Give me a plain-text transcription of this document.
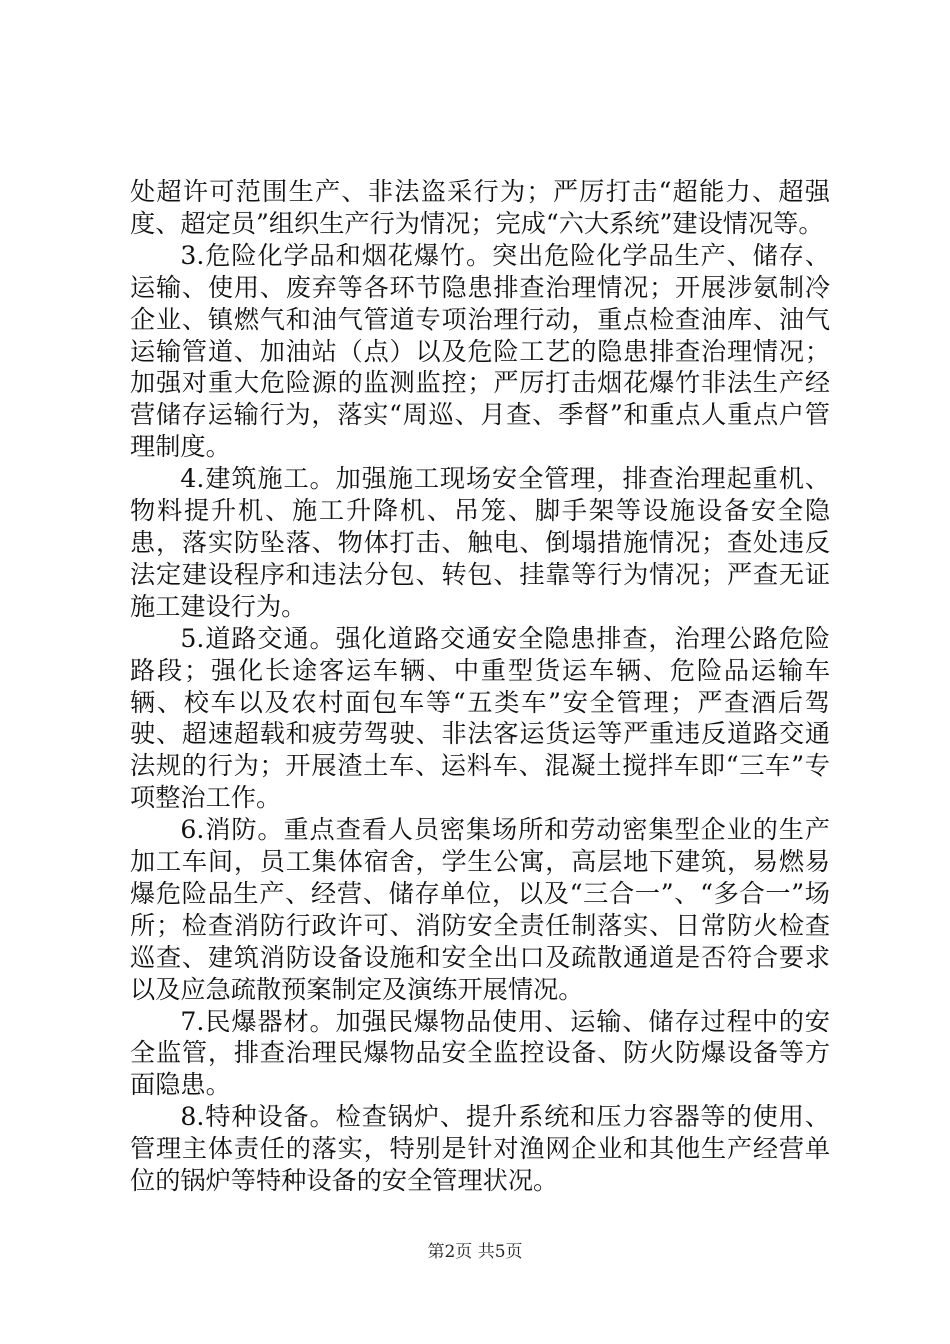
处超许可范围生产、非法盗采行为；严厉打击“超能力、超强度、超定员”组织生产行为情况；完成“六大系统”建设情况等。

3.危险化学品和烟花爆竹。突出危险化学品生产、储存、运输、使用、废弃等各环节隐患排查治理情况；开展涉氨制冷企业、镇燃气和油气管道专项治理行动，重点检查油库、油气运输管道、加油站（点）以及危险工艺的隐患排查治理情况；加强对重大危险源的监测监控；严厉打击烟花爆竹非法生产经营储存运输行为，落实“周巡、月查、季督”和重点人重点户管理制度。

4.建筑施工。加强施工现场安全管理，排查治理起重机、物料提升机、施工升降机、吊笼、脚手架等设施设备安全隐患，落实防坠落、物体打击、触电、倒塌措施情况；查处违反法定建设程序和违法分包、转包、挂靠等行为情况；严查无证施工建设行为。

5.道路交通。强化道路交通安全隐患排查，治理公路危险路段；强化长途客运车辆、中重型货运车辆、危险品运输车辆、校车以及农村面包车等“五类车”安全管理；严查酒后驾驶、超速超载和疲劳驾驶、非法客运货运等严重违反道路交通法规的行为；开展渣土车、运料车、混凝土搅拌车即“三车”专项整治工作。

6.消防。重点查看人员密集场所和劳动密集型企业的生产加工车间，员工集体宿舍，学生公寓，高层地下建筑，易燃易爆危险品生产、经营、储存单位，以及“三合一”、“多合一”场所；检查消防行政许可、消防安全责任制落实、日常防火检查巡查、建筑消防设备设施和安全出口及疏散通道是否符合要求以及应急疏散预案制定及演练开展情况。

7.民爆器材。加强民爆物品使用、运输、储存过程中的安全监管，排查治理民爆物品安全监控设备、防火防爆设备等方面隐患。

8.特种设备。检查锅炉、提升系统和压力容器等的使用、管理主体责任的落实，特别是针对渔网企业和其他生产经营单位的锅炉等特种设备的安全管理状况。

第2页 共5页
